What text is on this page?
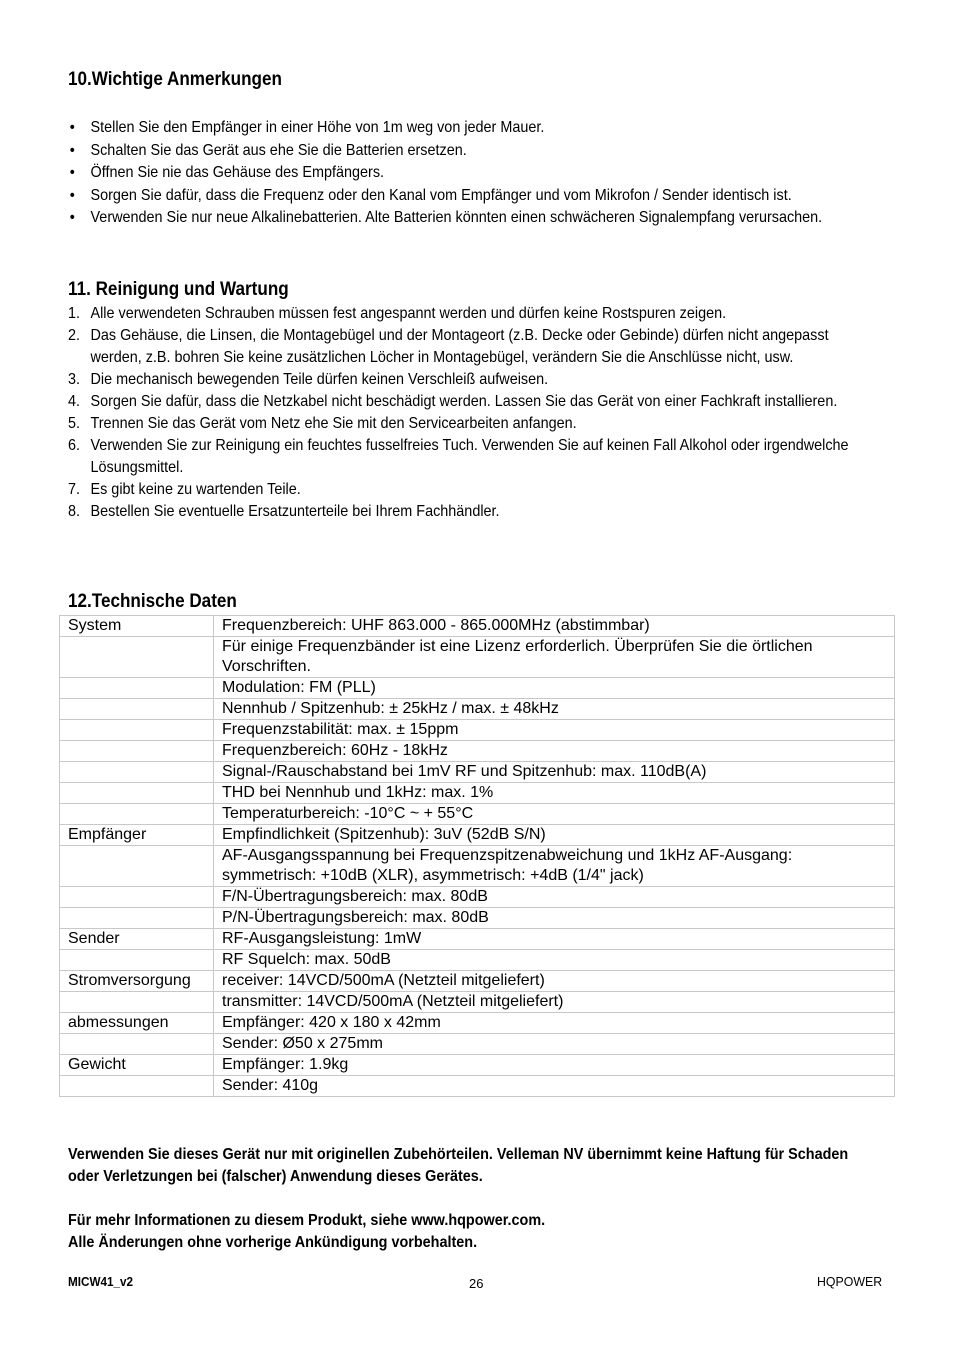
10.Wichtige Anmerkungen
• Stellen Sie den Empfänger in einer Höhe von 1m weg von jeder Mauer.
• Schalten Sie das Gerät aus ehe Sie die Batterien ersetzen.
• Öffnen Sie nie das Gehäuse des Empfängers.
• Sorgen Sie dafür, dass die Frequenz oder den Kanal vom Empfänger und vom Mikrofon / Sender identisch ist.
• Verwenden Sie nur neue Alkalinebatterien. Alte Batterien könnten einen schwächeren Signalempfang verursachen.
11. Reinigung und Wartung
1. Alle verwendeten Schrauben müssen fest angespannt werden und dürfen keine Rostspuren zeigen.
2. Das Gehäuse, die Linsen, die Montagebügel und der Montageort (z.B. Decke oder Gebinde) dürfen nicht angepasst werden, z.B. bohren Sie keine zusätzlichen Löcher in Montagebügel, verändern Sie die Anschlüsse nicht, usw.
3. Die mechanisch bewegenden Teile dürfen keinen Verschleiß aufweisen.
4. Sorgen Sie dafür, dass die Netzkabel nicht beschädigt werden. Lassen Sie das Gerät von einer Fachkraft installieren.
5. Trennen Sie das Gerät vom Netz ehe Sie mit den Servicearbeiten anfangen.
6. Verwenden Sie zur Reinigung ein feuchtes fusselfreies Tuch. Verwenden Sie auf keinen Fall Alkohol oder irgendwelche Lösungsmittel.
7. Es gibt keine zu wartenden Teile.
8. Bestellen Sie eventuelle Ersatzunterteile bei Ihrem Fachhändler.
12.Technische Daten
System	Frequenzbereich: UHF 863.000 - 865.000MHz (abstimmbar)
	Für einige Frequenzbänder ist eine Lizenz erforderlich. Überprüfen Sie die örtlichen Vorschriften.
	Modulation: FM (PLL)
	Nennhub / Spitzenhub: ± 25kHz / max. ± 48kHz
	Frequenzstabilität: max. ± 15ppm
	Frequenzbereich: 60Hz - 18kHz
	Signal-/Rauschabstand bei 1mV RF und Spitzenhub: max. 110dB(A)
	THD bei Nennhub und 1kHz: max. 1%
	Temperaturbereich: -10°C ~ + 55°C
Empfänger	Empfindlichkeit (Spitzenhub): 3uV (52dB S/N)
	AF-Ausgangsspannung bei Frequenzspitzenabweichung und 1kHz AF-Ausgang: symmetrisch: +10dB (XLR), asymmetrisch: +4dB (1/4" jack)
	F/N-Übertragungsbereich: max. 80dB
	P/N-Übertragungsbereich: max. 80dB
Sender	RF-Ausgangsleistung: 1mW
	RF Squelch: max. 50dB
Stromversorgung	receiver: 14VCD/500mA (Netzteil mitgeliefert)
	transmitter: 14VCD/500mA (Netzteil mitgeliefert)
abmessungen	Empfänger: 420 x 180 x 42mm
	Sender: Ø50 x 275mm
Gewicht	Empfänger: 1.9kg
	Sender: 410g

Verwenden Sie dieses Gerät nur mit originellen Zubehörteilen. Velleman NV übernimmt keine Haftung für Schaden oder Verletzungen bei (falscher) Anwendung dieses Gerätes.

Für mehr Informationen zu diesem Produkt, siehe www.hqpower.com.
Alle Änderungen ohne vorherige Ankündigung vorbehalten.
MICW41_v2	26	HQPOWER
